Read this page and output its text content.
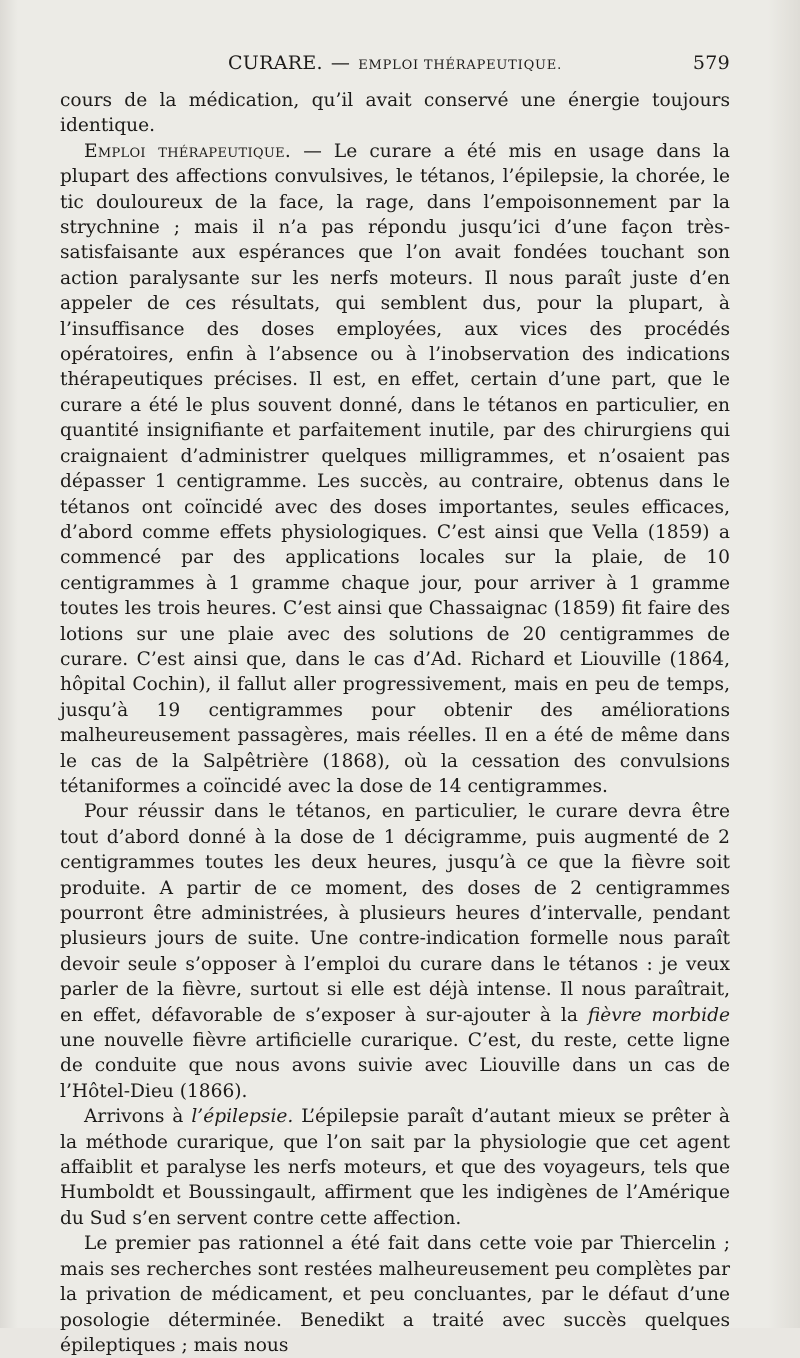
CURARE. — EMPLOI THÉRAPEUTIQUE.	579

cours de la médication, qu’il avait conservé une énergie toujours identique.

Emploi thérapeutique. — Le curare a été mis en usage dans la plupart des affections convulsives, le tétanos, l’épilepsie, la chorée, le tic douloureux de la face, la rage, dans l’empoisonnement par la strychnine ; mais il n’a pas répondu jusqu’ici d’une façon très-satisfaisante aux espérances que l’on avait fondées touchant son action paralysante sur les nerfs moteurs. Il nous paraît juste d’en appeler de ces résultats, qui semblent dus, pour la plupart, à l’insuffisance des doses employées, aux vices des procédés opératoires, enfin à l’absence ou à l’inobservation des indications thérapeutiques précises. Il est, en effet, certain d’une part, que le curare a été le plus souvent donné, dans le tétanos en particulier, en quantité insignifiante et parfaitement inutile, par des chirurgiens qui craignaient d’administrer quelques milligrammes, et n’osaient pas dépasser 1 centigramme. Les succès, au contraire, obtenus dans le tétanos ont coïncidé avec des doses importantes, seules efficaces, d’abord comme effets physiologiques. C’est ainsi que Vella (1859) a commencé par des applications locales sur la plaie, de 10 centigrammes à 1 gramme chaque jour, pour arriver à 1 gramme toutes les trois heures. C’est ainsi que Chassaignac (1859) fit faire des lotions sur une plaie avec des solutions de 20 centigrammes de curare. C’est ainsi que, dans le cas d’Ad. Richard et Liouville (1864, hôpital Cochin), il fallut aller progressivement, mais en peu de temps, jusqu’à 19 centigrammes pour obtenir des améliorations malheureusement passagères, mais réelles. Il en a été de même dans le cas de la Salpêtrière (1868), où la cessation des convulsions tétaniformes a coïncidé avec la dose de 14 centigrammes.

Pour réussir dans le tétanos, en particulier, le curare devra être tout d’abord donné à la dose de 1 décigramme, puis augmenté de 2 centigrammes toutes les deux heures, jusqu’à ce que la fièvre soit produite. A partir de ce moment, des doses de 2 centigrammes pourront être administrées, à plusieurs heures d’intervalle, pendant plusieurs jours de suite. Une contre-indication formelle nous paraît devoir seule s’opposer à l’emploi du curare dans le tétanos : je veux parler de la fièvre, surtout si elle est déjà intense. Il nous paraîtrait, en effet, défavorable de s’exposer à sur-ajouter à la fièvre morbide une nouvelle fièvre artificielle curarique. C’est, du reste, cette ligne de conduite que nous avons suivie avec Liouville dans un cas de l’Hôtel-Dieu (1866).

Arrivons à l’épilepsie. L’épilepsie paraît d’autant mieux se prêter à la méthode curarique, que l’on sait par la physiologie que cet agent affaiblit et paralyse les nerfs moteurs, et que des voyageurs, tels que Humboldt et Boussingault, affirment que les indigènes de l’Amérique du Sud s’en servent contre cette affection.

Le premier pas rationnel a été fait dans cette voie par Thiercelin ; mais ses recherches sont restées malheureusement peu complètes par la privation de médicament, et peu concluantes, par le défaut d’une posologie déterminée. Benedikt a traité avec succès quelques épileptiques ; mais nous
